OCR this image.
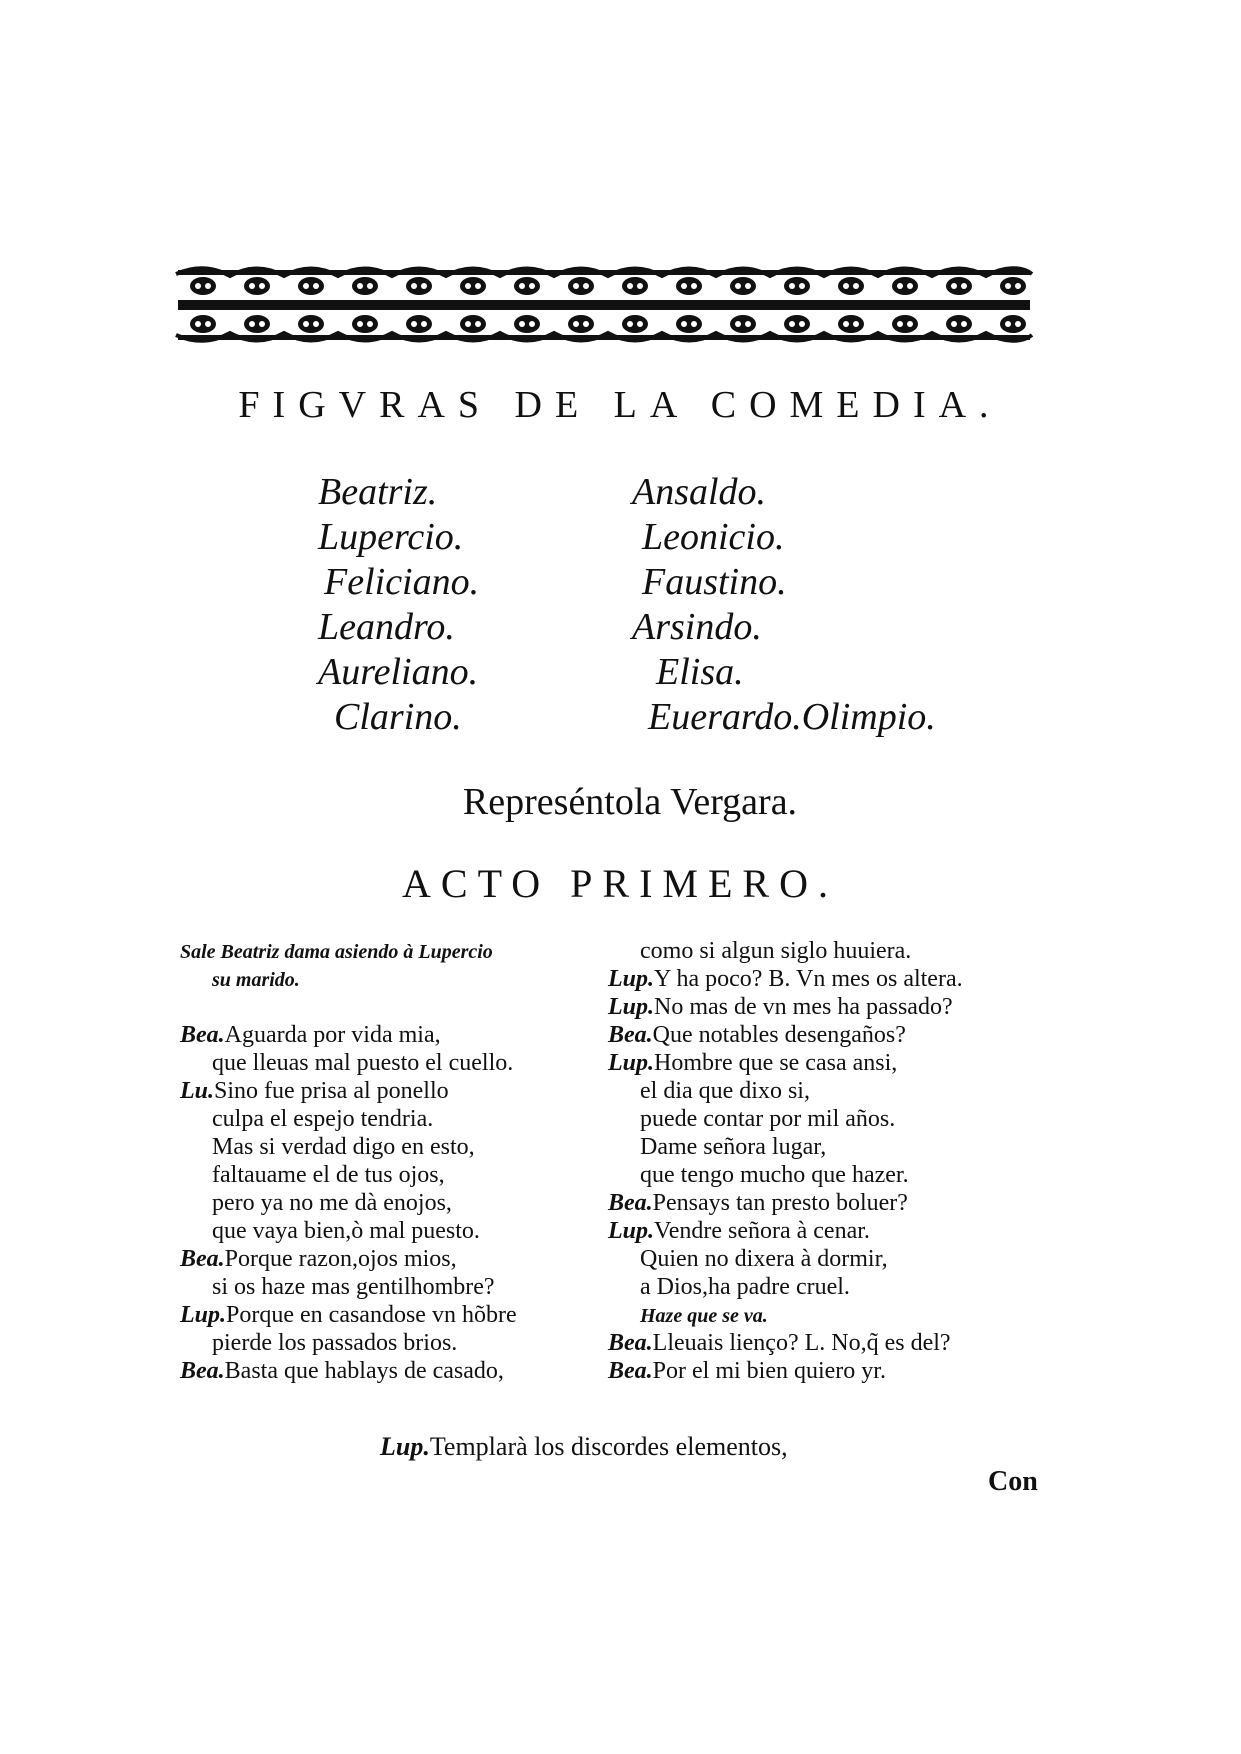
FIGVRAS DE LA COMEDIA.
Beatriz.
Lupercio.
Feliciano.
Leandro.
Aureliano.
Clarino.
Ansaldo.
Leonicio.
Faustino.
Arsindo.
Elisa.
Euerardo.Olimpio.
Represéntola Vergara.
ACTO PRIMERO.
Sale Beatriz dama asiendo à Lupercio
su marido.
Bea.Aguarda por vida mia,
que lleuas mal puesto el cuello.
Lu.Sino fue prisa al ponello
culpa el espejo tendria.
Mas si verdad digo en esto,
faltauame el de tus ojos,
pero ya no me dà enojos,
que vaya bien,ò mal puesto.
Bea.Porque razon,ojos mios,
si os haze mas gentilhombre?
Lup.Porque en casandose vn hõbre
pierde los passados brios.
Bea.Basta que hablays de casado,
como si algun siglo huuiera.
Lup.Y ha poco? B. Vn mes os altera.
Lup.No mas de vn mes ha passado?
Bea.Que notables desengaños?
Lup.Hombre que se casa ansi,
el dia que dixo si,
puede contar por mil años.
Dame señora lugar,
que tengo mucho que hazer.
Bea.Pensays tan presto boluer?
Lup.Vendre señora à cenar.
Quien no dixera à dormir,
a Dios,ha padre cruel.
Haze que se va.
Bea.Lleuais lienço? L. No,q̃ es del?
Bea.Por el mi bien quiero yr.
Lup.Templarà los discordes elementos,
Con
